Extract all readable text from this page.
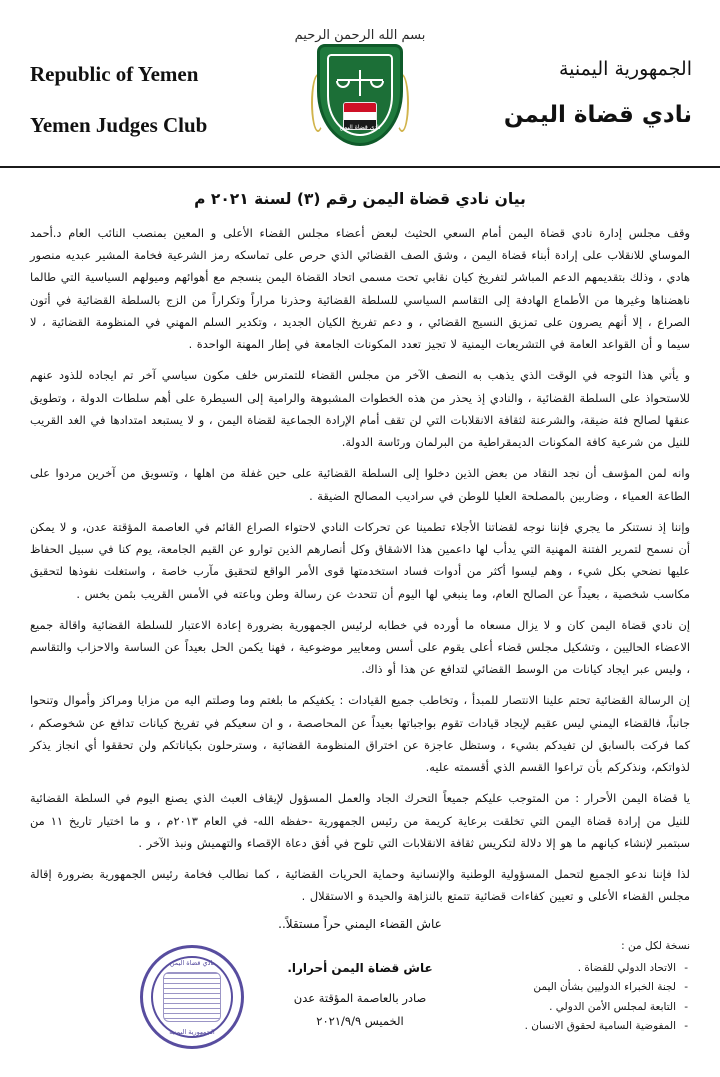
بسم الله الرحمن الرحيم
نادي قضاة اليمن
Republic of Yemen
Yemen Judges Club
الجمهورية اليمنية
نادي قضاة اليمن
بيان نادي قضاة اليمن رقم (٣) لسنة ٢٠٢١ م

وقف مجلس إدارة نادي قضاة اليمن أمام السعي الحثيث لبعض أعضاء مجلس القضاء الأعلى و المعين بمنصب النائب العام د.أحمد الموساي للانقلاب على إرادة أبناء قضاة اليمن ، وشق الصف القضائي الذي حرص على تماسكه رمز الشرعية فخامة المشير عبديه منصور هادي ، وذلك بتقديمهم الدعم المباشر لتفريخ كيان نقابي تحت مسمى اتحاد القضاة اليمن ينسجم مع أهوائهم وميولهم السياسية التي طالما ناهضناها وغيرها من الأطماع الهادفة إلى التقاسم السياسي للسلطة القضائية وحذرنا مراراً وتكراراً من الزج بالسلطة القضائية في أتون الصراع ، إلا أنهم يصرون على تمزيق النسيج القضائي ، و دعم تفريخ الكيان الجديد ، وتكدير السلم المهني في المنظومة القضائية ، لا سيما و أن القواعد العامة في التشريعات اليمنية لا تجيز تعدد المكونات الجامعة في إطار المهنة الواحدة .

و يأتي هذا التوجه في الوقت الذي يذهب به النصف الآخر من مجلس القضاء للتمترس خلف مكون سياسي آخر تم ايجاده للذود عنهم للاستحواذ على السلطة القضائية ، والنادي إذ يحذر من هذه الخطوات المشبوهة والرامية إلى السيطرة على أهم سلطات الدولة ، وتطويق عنقها لصالح فئة ضيقة، والشرعنة لثقافة الانقلابات التي لن تقف أمام الإرادة الجماعية لقضاة اليمن ، و لا يستبعد امتدادها في الغد القريب للنيل من شرعية كافة المكونات الديمقراطية من البرلمان ورئاسة الدولة.

وانه لمن المؤسف أن نجد النقاد من بعض الذين دخلوا إلى السلطة القضائية على حين غفلة من اهلها ، وتسويق من آخرين مردوا على الطاعة العمياء ، وضاربين بالمصلحة العليا للوطن في سراديب المصالح الضيقة .

وإننا إذ نستنكر ما يجري فإننا نوجه لقضاتنا الأجلاء تطمينا عن تحركات النادي لاحتواء الصراع القائم في العاصمة المؤقتة عدن، و لا يمكن أن نسمح لتمرير الفتنة المهنية التي يدأب لها داعمين هذا الاشقاق وكل أنصارهم الذين توارو عن القيم الجامعة، يوم كنا في سبيل الحفاظ عليها نضحي بكل شيء ، وهم ليسوا أكثر من أدوات فساد استخدمتها قوى الأمر الواقع لتحقيق مآرب خاصة ، واستغلت نفوذها لتحقيق مكاسب شخصية ، بعيداً عن الصالح العام، وما ينبغي لها اليوم أن تتحدث عن رسالة وطن وباعته في الأمس القريب بثمن بخس .

إن نادي قضاة اليمن كان و لا يزال مسعاه ما أورده في خطابه لرئيس الجمهورية بضرورة إعادة الاعتبار للسلطة القضائية واقالة جميع الاعضاء الحاليين ، وتشكيل مجلس قضاء أعلى يقوم على أسس ومعايير موضوعية ، فهنا يكمن الحل بعيداً عن الساسة والاحزاب والتقاسم ، وليس عبر ايجاد كيانات من الوسط القضائي لتدافع عن هذا أو ذاك.

إن الرسالة القضائية تحتم علينا الانتصار للمبدأ ، وتخاطب جميع القيادات : يكفيكم ما بلغتم وما وصلتم اليه من مزايا ومراكز وأموال وتنحوا جانباً، فالقضاء اليمني ليس عقيم لإيجاد قيادات تقوم بواجباتها بعيداً عن المحاصصة ، و ان سعيكم في تفريخ كيانات تدافع عن شخوصكم ، كما فركت بالسابق لن تفيدكم بشيء ، وستظل عاجزة عن اختراق المنظومة القضائية ، وسترحلون بكياناتكم ولن تحققوا أي انجاز يذكر لذواتكم، ونذكركم بأن تراعوا القسم الذي أقسمته عليه.

يا قضاة اليمن الأحرار : من المتوجب عليكم جميعاً التحرك الجاد والعمل المسؤول لإيقاف العبث الذي يصنع اليوم في السلطة القضائية للنيل من إرادة قضاة اليمن التي تخلقت برعاية كريمة من رئيس الجمهورية -حفظه الله- في العام ٢٠١٣م ، و ما اختيار تاريخ ١١ من سبتمبر لإنشاء كيانهم ما هو إلا دلالة لتكريس ثقافة الانقلابات التي تلوح في أفق دعاة الإقصاء والتهميش ونبذ الآخر .

لذا فإننا ندعو الجميع لتحمل المسؤولية الوطنية والإنسانية وحماية الحريات القضائية ، كما نطالب فخامة رئيس الجمهورية بضرورة إقالة مجلس القضاء الأعلى و تعيين كفاءات قضائية تتمتع بالنزاهة والحيدة و الاستقلال .

عاش القضاء اليمني حراً مستقلاً..
عاش قضاة اليمن أحرارا.
صادر بالعاصمة المؤقتة عدن
الخميس ٢٠٢١/٩/٩
نادي قضاة اليمن
الجمهورية اليمنية
نسخة لكل من :
- الاتحاد الدولي للقضاة .
- لجنة الخبراء الدوليين بشأن اليمن
- التابعة لمجلس الأمن الدولي .
- المفوضية السامية لحقوق الانسان .
